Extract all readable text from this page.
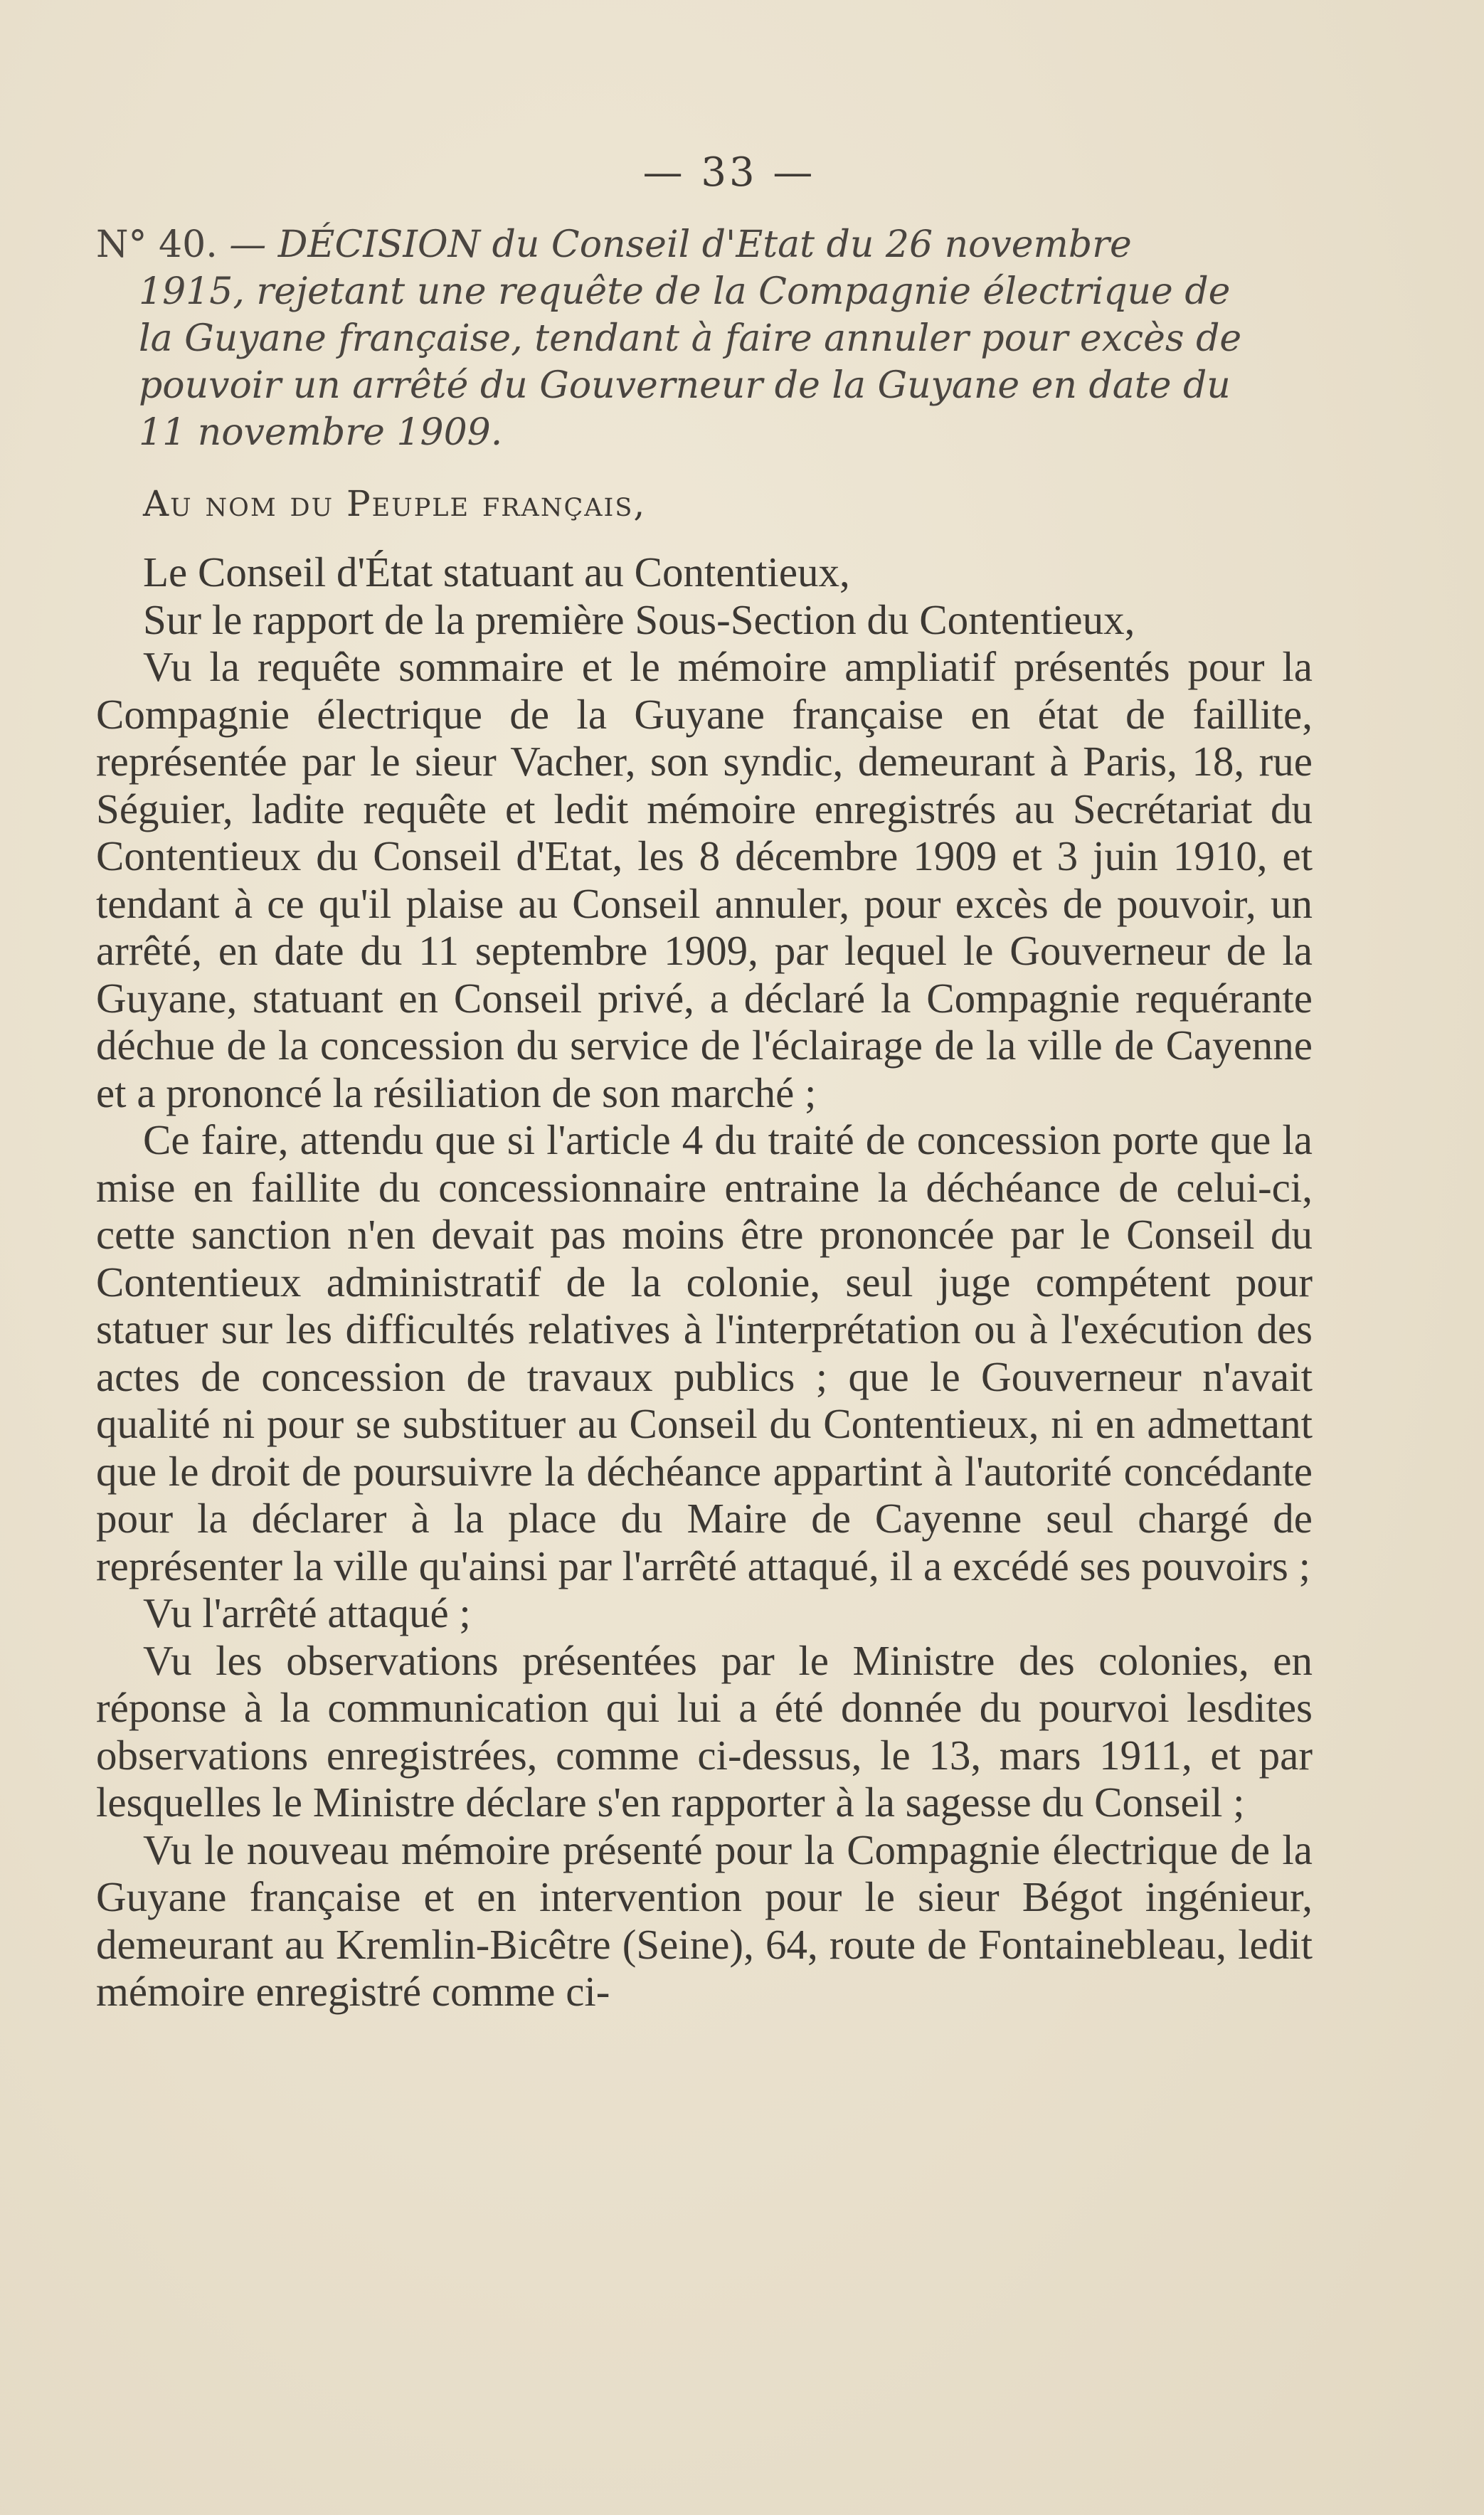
— 33 —
N° 40. — DÉCISION du Conseil d'Etat du 26 novembre
1915, rejetant une requête de la Compagnie électrique de
la Guyane française, tendant à faire annuler pour excès de
pouvoir un arrêté du Gouverneur de la Guyane en date du
11 novembre 1909.
Au nom du Peuple français,

Le Conseil d'État statuant au Contentieux,

Sur le rapport de la première Sous-Section du Contentieux,

Vu la requête sommaire et le mémoire ampliatif présentés pour la Compagnie électrique de la Guyane française en état de faillite, représentée par le sieur Vacher, son syndic, demeurant à Paris, 18, rue Séguier, ladite requête et ledit mémoire enregistrés au Secrétariat du Contentieux du Conseil d'Etat, les 8 décembre 1909 et 3 juin 1910, et tendant à ce qu'il plaise au Conseil annuler, pour excès de pouvoir, un arrêté, en date du 11 septembre 1909, par lequel le Gouverneur de la Guyane, statuant en Conseil privé, a déclaré la Compagnie requérante déchue de la concession du service de l'éclairage de la ville de Cayenne et a prononcé la résiliation de son marché ;

Ce faire, attendu que si l'article 4 du traité de concession porte que la mise en faillite du concessionnaire entraine la déchéance de celui-ci, cette sanction n'en devait pas moins être prononcée par le Conseil du Contentieux administratif de la colonie, seul juge compétent pour statuer sur les difficultés relatives à l'interprétation ou à l'exécution des actes de concession de travaux publics ; que le Gouverneur n'avait qualité ni pour se substituer au Conseil du Contentieux, ni en admettant que le droit de poursuivre la déchéance appartint à l'autorité concédante pour la déclarer à la place du Maire de Cayenne seul chargé de représenter la ville qu'ainsi par l'arrêté attaqué, il a excédé ses pouvoirs ;

Vu l'arrêté attaqué ;

Vu les observations présentées par le Ministre des colonies, en réponse à la communication qui lui a été donnée du pourvoi lesdites observations enregistrées, comme ci-dessus, le 13, mars 1911, et par lesquelles le Ministre déclare s'en rapporter à la sagesse du Conseil ;

Vu le nouveau mémoire présenté pour la Compagnie électrique de la Guyane française et en intervention pour le sieur Bégot ingénieur, demeurant au Kremlin-Bicêtre (Seine), 64, route de Fontainebleau, ledit mémoire enregistré comme ci-
